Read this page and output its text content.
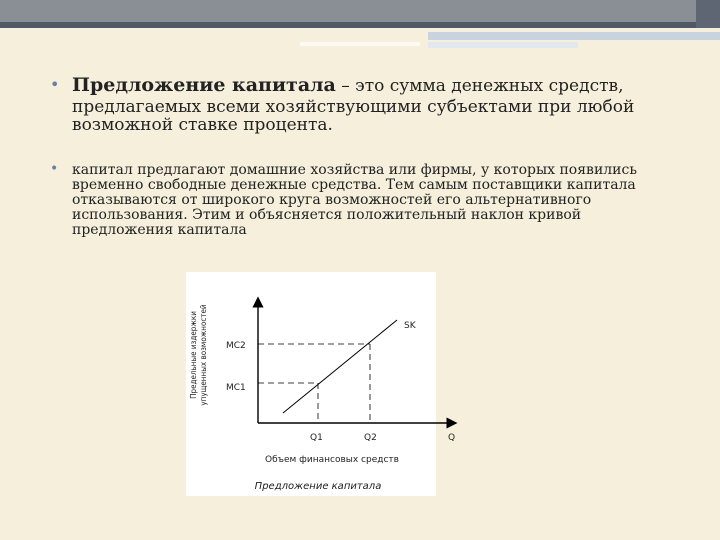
• Предложение капитала – это сумма денежных средств,
предлагаемых всеми хозяйствующими субъектами при любой
возможной ставке процента.
• капитал предлагают домашние хозяйства или фирмы, у которых появились
временно свободные денежные средства. Тем самым поставщики капитала
отказываются от широкого круга возможностей его альтернативного
использования. Этим и объясняется положительный наклон кривой
предложения капитала
Предельные издержки
упущенных возможностей	SK
MC2
MC1
Q1	Q2	Q
Объем финансовых средств
Предложение капитала
